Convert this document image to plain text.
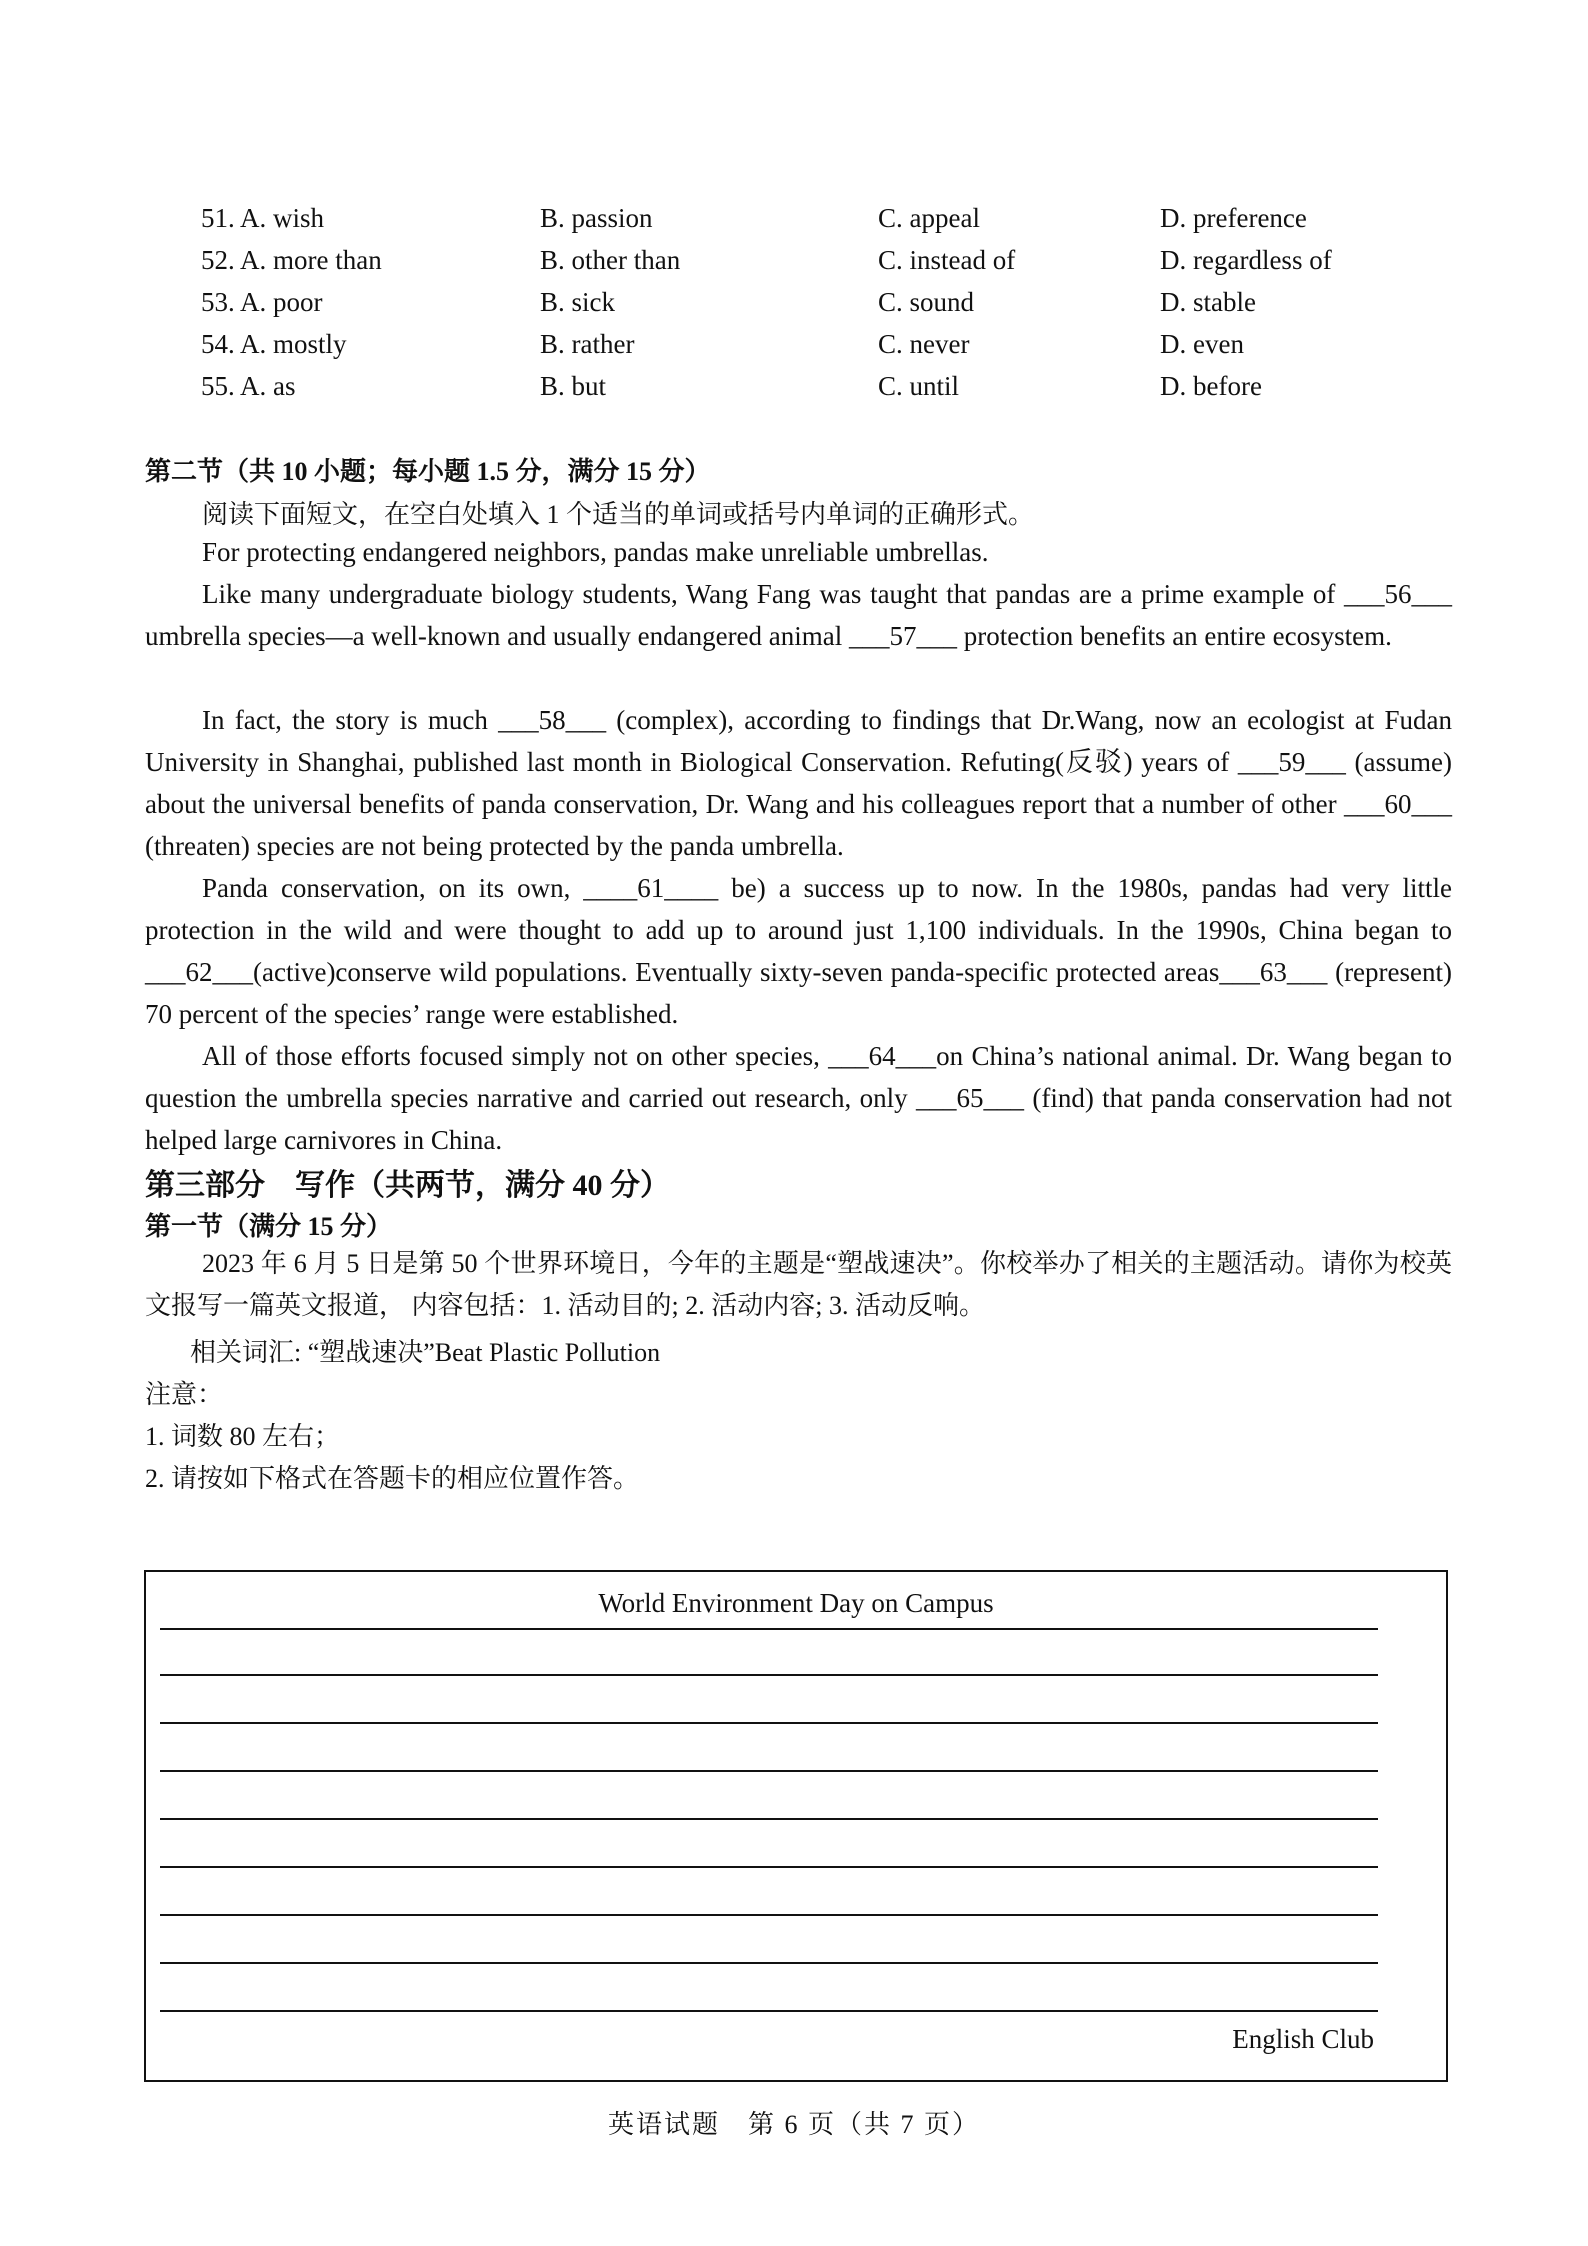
51. A. wish	B. passion	C. appeal	D. preference
52. A. more than	B. other than	C. instead of	D. regardless of
53. A. poor	B. sick	C. sound	D. stable
54. A. mostly	B. rather	C. never	D. even
55. A. as	B. but	C. until	D. before
第二节（共 10 小题；每小题 1.5 分，满分 15 分）
阅读下面短文，在空白处填入 1 个适当的单词或括号内单词的正确形式。

For protecting endangered neighbors, pandas make unreliable umbrellas.

Like many undergraduate biology students, Wang Fang was taught that pandas are a prime example of ___56___ umbrella species—a well-known and usually endangered animal ___57___ protection benefits an entire ecosystem.

In fact, the story is much ___58___ (complex), according to findings that Dr.Wang, now an ecologist at Fudan University in Shanghai, published last month in Biological Conservation. Refuting(反驳) years of ___59___ (assume) about the universal benefits of panda conservation, Dr. Wang and his colleagues report that a number of other ___60___ (threaten) species are not being protected by the panda umbrella.

Panda conservation, on its own, ____61____ be) a success up to now. In the 1980s, pandas had very little protection in the wild and were thought to add up to around just 1,100 individuals. In the 1990s, China began to ___62___(active)conserve wild populations. Eventually sixty-seven panda-specific protected areas___63___ (represent) 70 percent of the species’ range were established.

All of those efforts focused simply not on other species, ___64___on China’s national animal. Dr. Wang began to question the umbrella species narrative and carried out research, only ___65___ (find) that panda conservation had not helped large carnivores in China.

第三部分　写作（共两节，满分 40 分）
第一节（满分 15 分）

2023 年 6 月 5 日是第 50 个世界环境日，今年的主题是“塑战速决”。你校举办了相关的主题活动。请你为校英文报写一篇英文报道， 内容包括：1. 活动目的; 2. 活动内容; 3. 活动反响。

相关词汇: “塑战速决”Beat Plastic Pollution
注意：
1. 词数 80 左右；
2. 请按如下格式在答题卡的相应位置作答。
World Environment Day on Campus
English Club
英语试题　第 6 页（共 7 页）
